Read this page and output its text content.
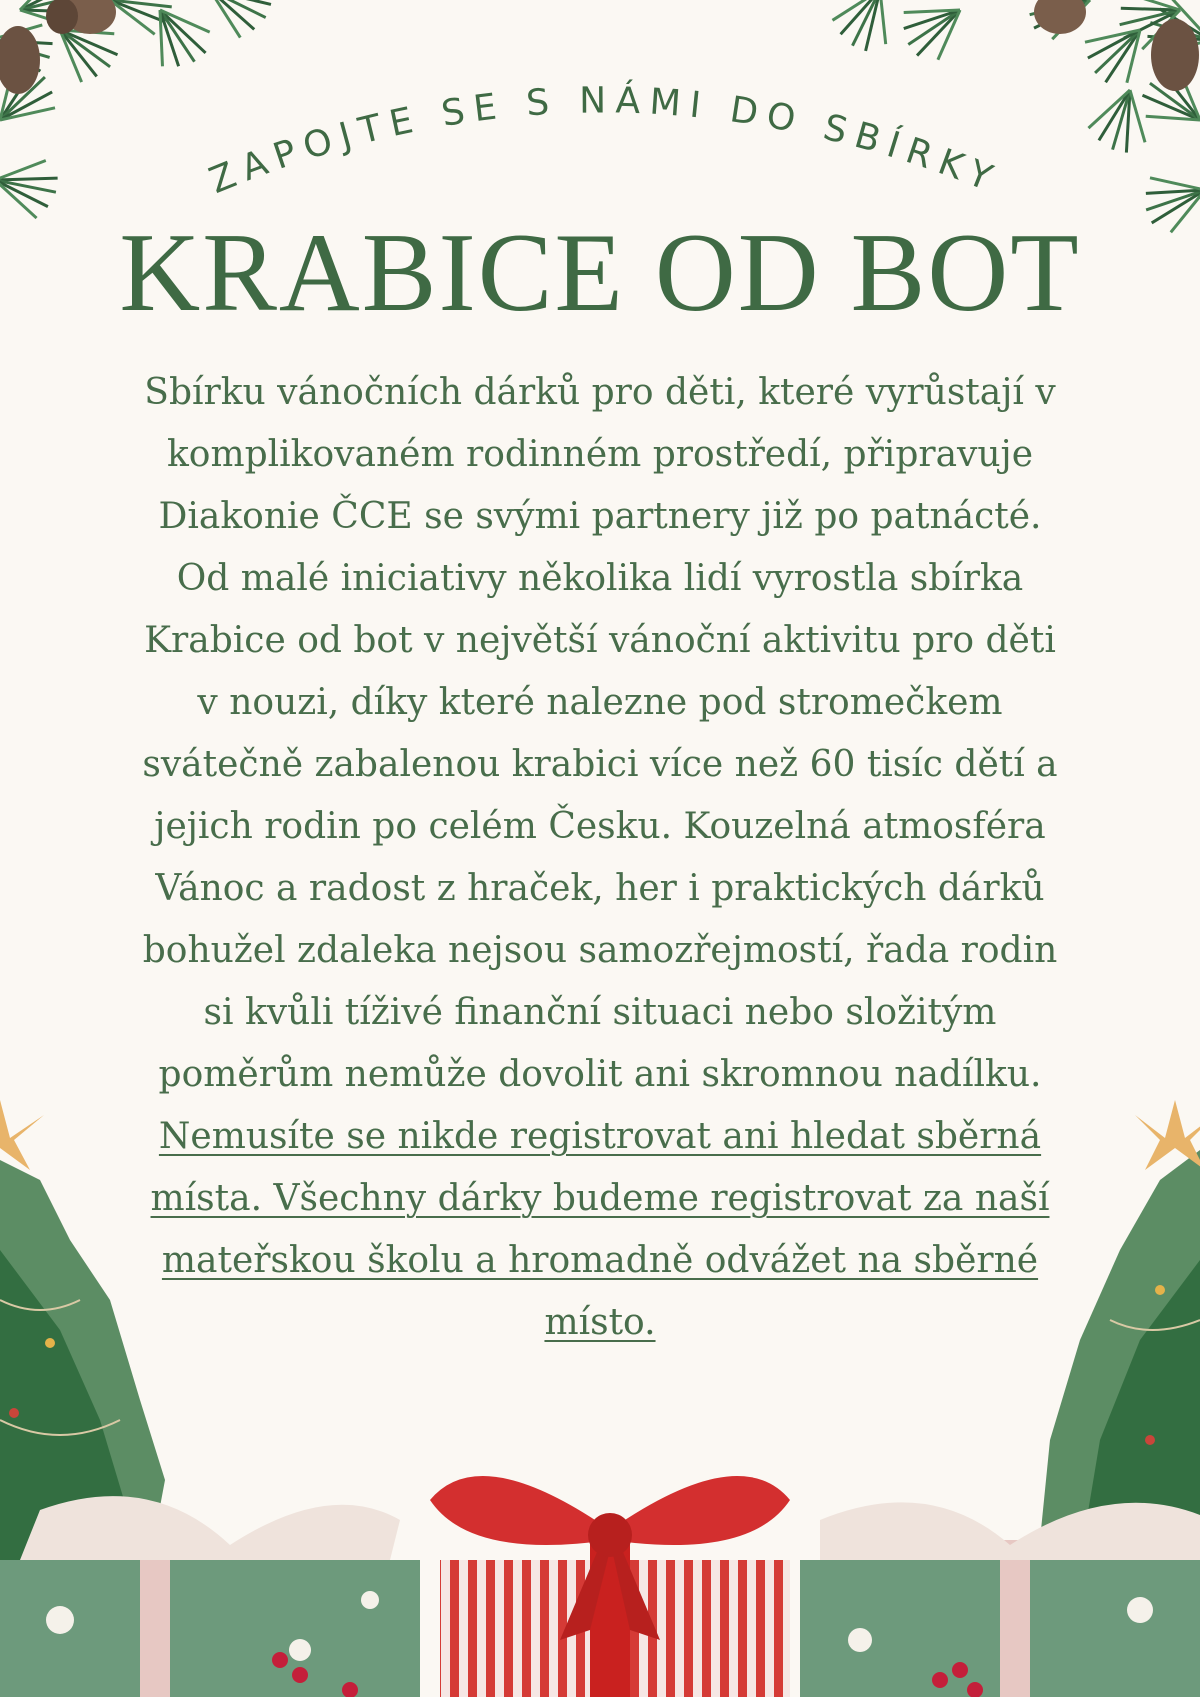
ZAPOJTE SE S NÁMI DO SBÍRKY
KRABICE OD BOT
Sbírku vánočních dárků pro děti, které vyrůstají v
komplikovaném rodinném prostředí, připravuje
Diakonie ČCE se svými partnery již po patnácté.
Od malé iniciativy několika lidí vyrostla sbírka
Krabice od bot v největší vánoční aktivitu pro děti
v nouzi, díky které nalezne pod stromečkem
svátečně zabalenou krabici více než 60 tisíc dětí a
jejich rodin po celém Česku. Kouzelná atmosféra
Vánoc a radost z hraček, her i praktických dárků
bohužel zdaleka nejsou samozřejmostí, řada rodin
si kvůli tíživé finanční situaci nebo složitým
poměrům nemůže dovolit ani skromnou nadílku.
Nemusíte se nikde registrovat ani hledat sběrná
místa. Všechny dárky budeme registrovat za naší
mateřskou školu a hromadně odvážet na sběrné
místo.
